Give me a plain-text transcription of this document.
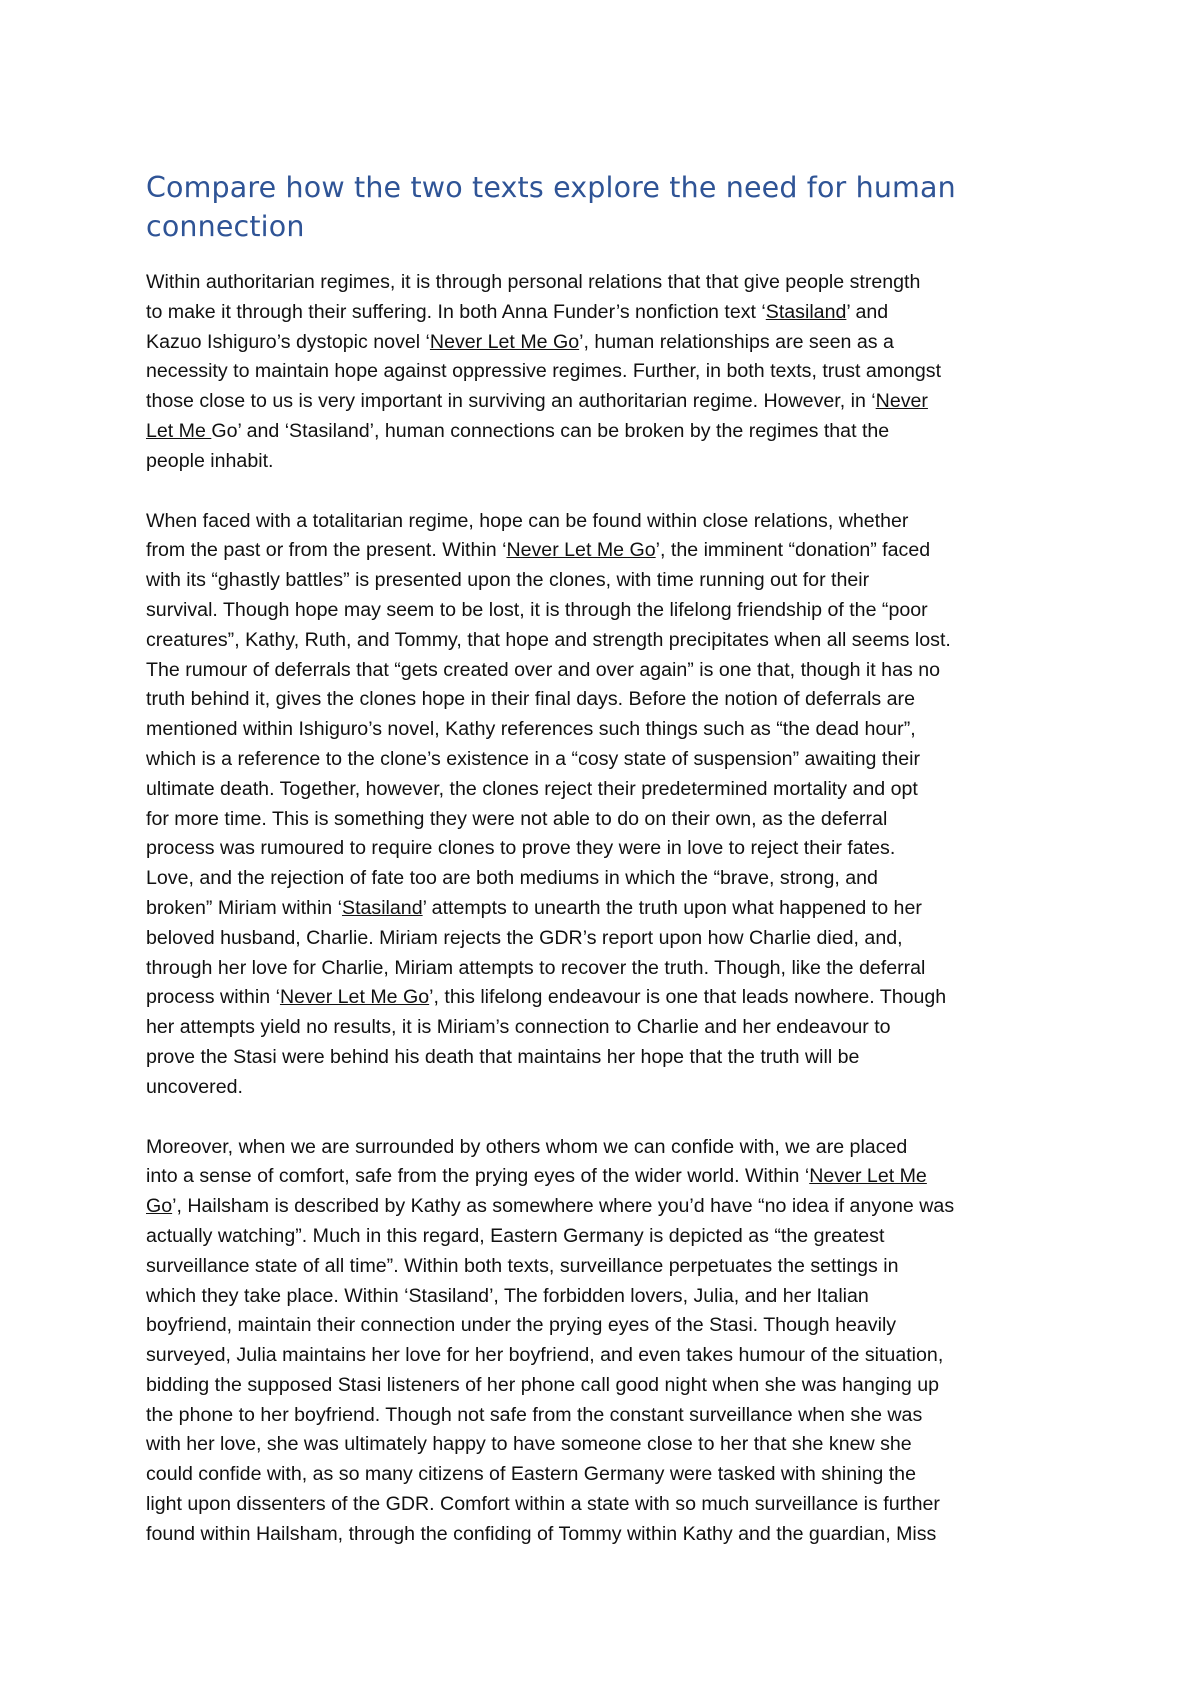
Compare how the two texts explore the need for human connection

Within authoritarian regimes, it is through personal relations that that give people strength
to make it through their suffering. In both Anna Funder’s nonfiction text ‘Stasiland’ and
Kazuo Ishiguro’s dystopic novel ‘Never Let Me Go’, human relationships are seen as a
necessity to maintain hope against oppressive regimes. Further, in both texts, trust amongst
those close to us is very important in surviving an authoritarian regime. However, in ‘Never
Let Me Go’ and ‘Stasiland’, human connections can be broken by the regimes that the
people inhabit.

When faced with a totalitarian regime, hope can be found within close relations, whether
from the past or from the present. Within ‘Never Let Me Go’, the imminent “donation” faced
with its “ghastly battles” is presented upon the clones, with time running out for their
survival. Though hope may seem to be lost, it is through the lifelong friendship of the “poor
creatures”, Kathy, Ruth, and Tommy, that hope and strength precipitates when all seems lost.
The rumour of deferrals that “gets created over and over again” is one that, though it has no
truth behind it, gives the clones hope in their final days. Before the notion of deferrals are
mentioned within Ishiguro’s novel, Kathy references such things such as “the dead hour”,
which is a reference to the clone’s existence in a “cosy state of suspension” awaiting their
ultimate death. Together, however, the clones reject their predetermined mortality and opt
for more time. This is something they were not able to do on their own, as the deferral
process was rumoured to require clones to prove they were in love to reject their fates.
Love, and the rejection of fate too are both mediums in which the “brave, strong, and
broken” Miriam within ‘Stasiland’ attempts to unearth the truth upon what happened to her
beloved husband, Charlie. Miriam rejects the GDR’s report upon how Charlie died, and,
through her love for Charlie, Miriam attempts to recover the truth. Though, like the deferral
process within ‘Never Let Me Go’, this lifelong endeavour is one that leads nowhere. Though
her attempts yield no results, it is Miriam’s connection to Charlie and her endeavour to
prove the Stasi were behind his death that maintains her hope that the truth will be
uncovered.

Moreover, when we are surrounded by others whom we can confide with, we are placed
into a sense of comfort, safe from the prying eyes of the wider world. Within ‘Never Let Me
Go’, Hailsham is described by Kathy as somewhere where you’d have “no idea if anyone was
actually watching”. Much in this regard, Eastern Germany is depicted as “the greatest
surveillance state of all time”. Within both texts, surveillance perpetuates the settings in
which they take place. Within ‘Stasiland’, The forbidden lovers, Julia, and her Italian
boyfriend, maintain their connection under the prying eyes of the Stasi. Though heavily
surveyed, Julia maintains her love for her boyfriend, and even takes humour of the situation,
bidding the supposed Stasi listeners of her phone call good night when she was hanging up
the phone to her boyfriend. Though not safe from the constant surveillance when she was
with her love, she was ultimately happy to have someone close to her that she knew she
could confide with, as so many citizens of Eastern Germany were tasked with shining the
light upon dissenters of the GDR. Comfort within a state with so much surveillance is further
found within Hailsham, through the confiding of Tommy within Kathy and the guardian, Miss
